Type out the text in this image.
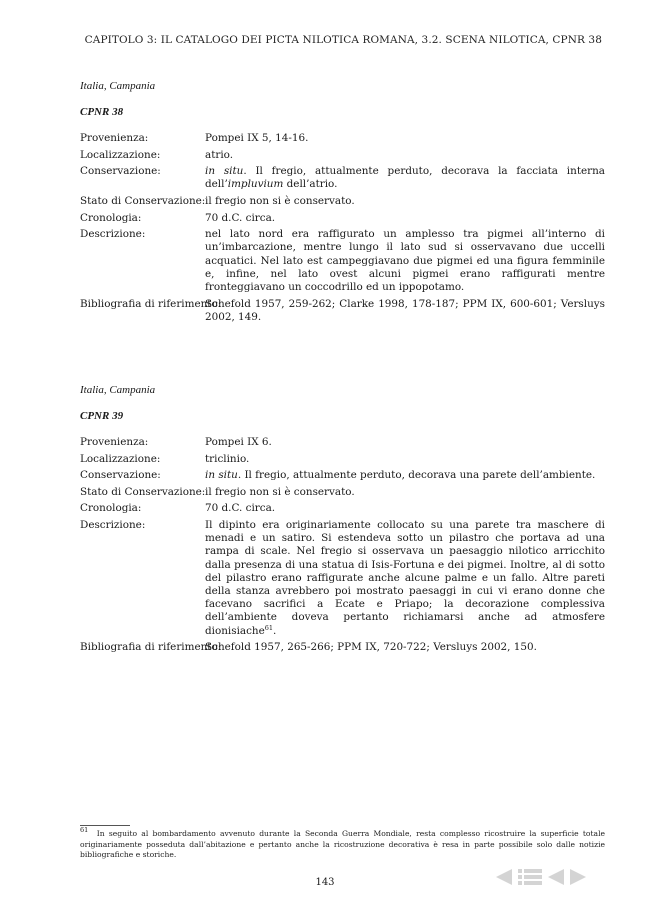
CAPITOLO 3: IL CATALOGO DEI PICTA NILOTICA ROMANA, 3.2. SCENA NILOTICA, CPNR 38
Italia, Campania
CPNR 38
Provenienza:	Pompei IX 5, 14-16.
Localizzazione:	atrio.
Conservazione:	in situ. Il fregio, attualmente perduto, decorava la facciata interna dell’impluvium dell’atrio.
Stato di Conservazione: il fregio non si è conservato.
Cronologia:	70 d.C. circa.
Descrizione:	nel lato nord era raffigurato un amplesso tra pigmei all’interno di un’imbarcazione, mentre lungo il lato sud si osservavano due uccelli acquatici. Nel lato est campeggiavano due pigmei ed una figura femminile e, infine, nel lato ovest alcuni pigmei erano raffigurati mentre fronteggiavano un coccodrillo ed un ippopotamo.
Bibliografia di riferimento:
Schefold 1957, 259-262; Clarke 1998, 178-187; PPM IX, 600-601; Versluys 2002, 149.
Italia, Campania
CPNR 39
Provenienza:	Pompei IX 6.
Localizzazione:	triclinio.
Conservazione:	in situ. Il fregio, attualmente perduto, decorava una parete dell’ambiente.
Stato di Conservazione: il fregio non si è conservato.
Cronologia:	70 d.C. circa.
Descrizione:	Il dipinto era originariamente collocato su una parete tra maschere di menadi e un satiro. Si estendeva sotto un pilastro che portava ad una rampa di scale. Nel fregio si osservava un paesaggio nilotico arricchito dalla presenza di una statua di Isis-Fortuna e dei pigmei. Inoltre, al di sotto del pilastro erano raffigurate anche alcune palme e un fallo. Altre pareti della stanza avrebbero poi mostrato paesaggi in cui vi erano donne che facevano sacrifici a Ecate e Priapo; la decorazione complessiva dell’ambiente doveva pertanto richiamarsi anche ad atmosfere dionisiache$^{61}$.
Bibliografia di riferimento:
Schefold 1957, 265-266; PPM IX, 720-722; Versluys 2002, 150.
$^{61}$ In seguito al bombardamento avvenuto durante la Seconda Guerra Mondiale, resta complesso ricostruire la superficie totale originariamente posseduta dall’abitazione e pertanto anche la ricostruzione decorativa è resa in parte possibile solo dalle notizie bibliografiche e storiche.
143
